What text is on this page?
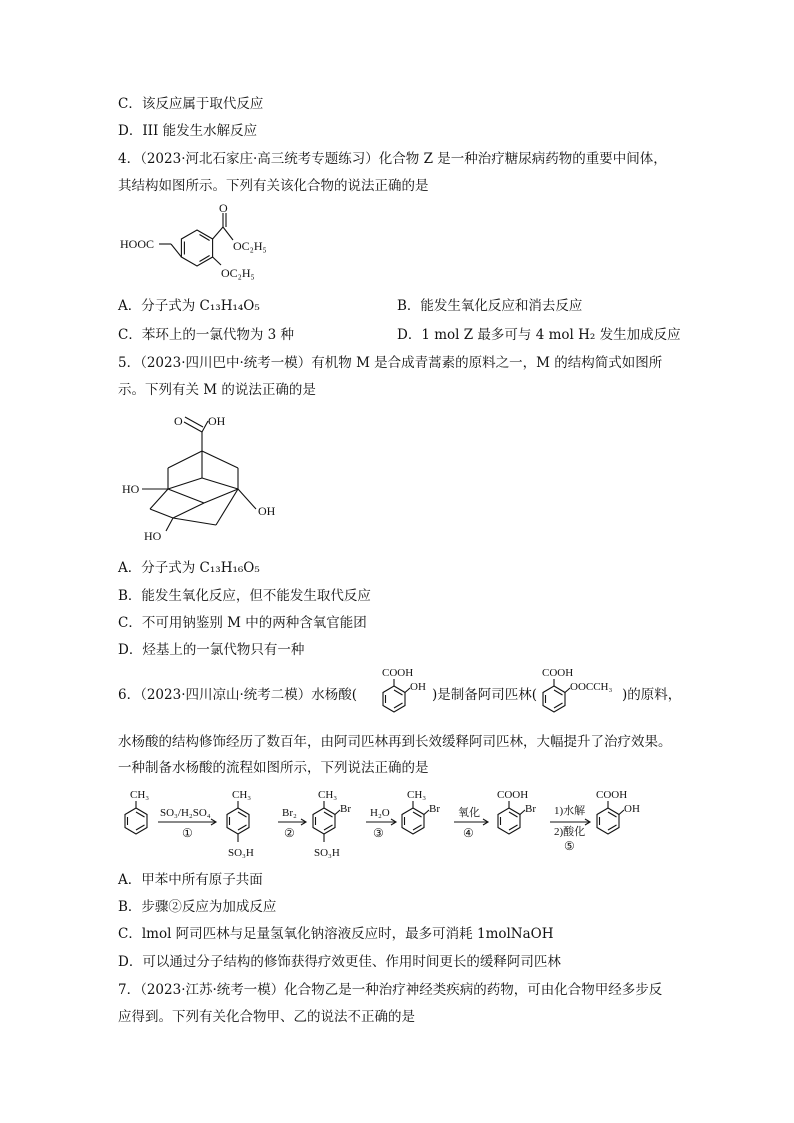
C．该反应属于取代反应
D．III 能发生水解反应
4．（2023·河北石家庄·高三统考专题练习）化合物 Z 是一种治疗糖尿病药物的重要中间体，
其结构如图所示。下列有关该化合物的说法正确的是
HOOC
O
OC₂H₅
OC₂H₅
A．分子式为 C₁₃H₁₄O₅	B．能发生氧化反应和消去反应
C．苯环上的一氯代物为 3 种	D．1 mol Z 最多可与 4 mol H₂ 发生加成反应
5．（2023·四川巴中·统考一模）有机物 M 是合成青蒿素的原料之一，M 的结构简式如图所
示。下列有关 M 的说法正确的是
O OH
HO
OH
HO
A．分子式为 C₁₃H₁₆O₅
B．能发生氧化反应，但不能发生取代反应
C．不可用钠鉴别 M 中的两种含氧官能团
D．烃基上的一氯代物只有一种
6．（2023·四川凉山·统考二模）水杨酸(
COOH
OH )是制备阿司匹林(
COOH
OOCCH₃ )的原料，
水杨酸的结构修饰经历了数百年，由阿司匹林再到长效缓释阿司匹林，大幅提升了治疗效果。
一种制备水杨酸的流程如图所示，下列说法正确的是
CH₃
SO₃/H₂SO₄
①
CH₃
SO₃H
Br₂
②
CH₃
Br
SO₃H
H₂O
③
CH₃
Br 氧化
④
COOH
Br 1)水解
2)酸化
⑤
COOH
OH
A．甲苯中所有原子共面
B．步骤②反应为加成反应
C．lmol 阿司匹林与足量氢氧化钠溶液反应时，最多可消耗 1molNaOH
D．可以通过分子结构的修饰获得疗效更佳、作用时间更长的缓释阿司匹林
7．（2023·江苏·统考一模）化合物乙是一种治疗神经类疾病的药物，可由化合物甲经多步反
应得到。下列有关化合物甲、乙的说法不正确的是
